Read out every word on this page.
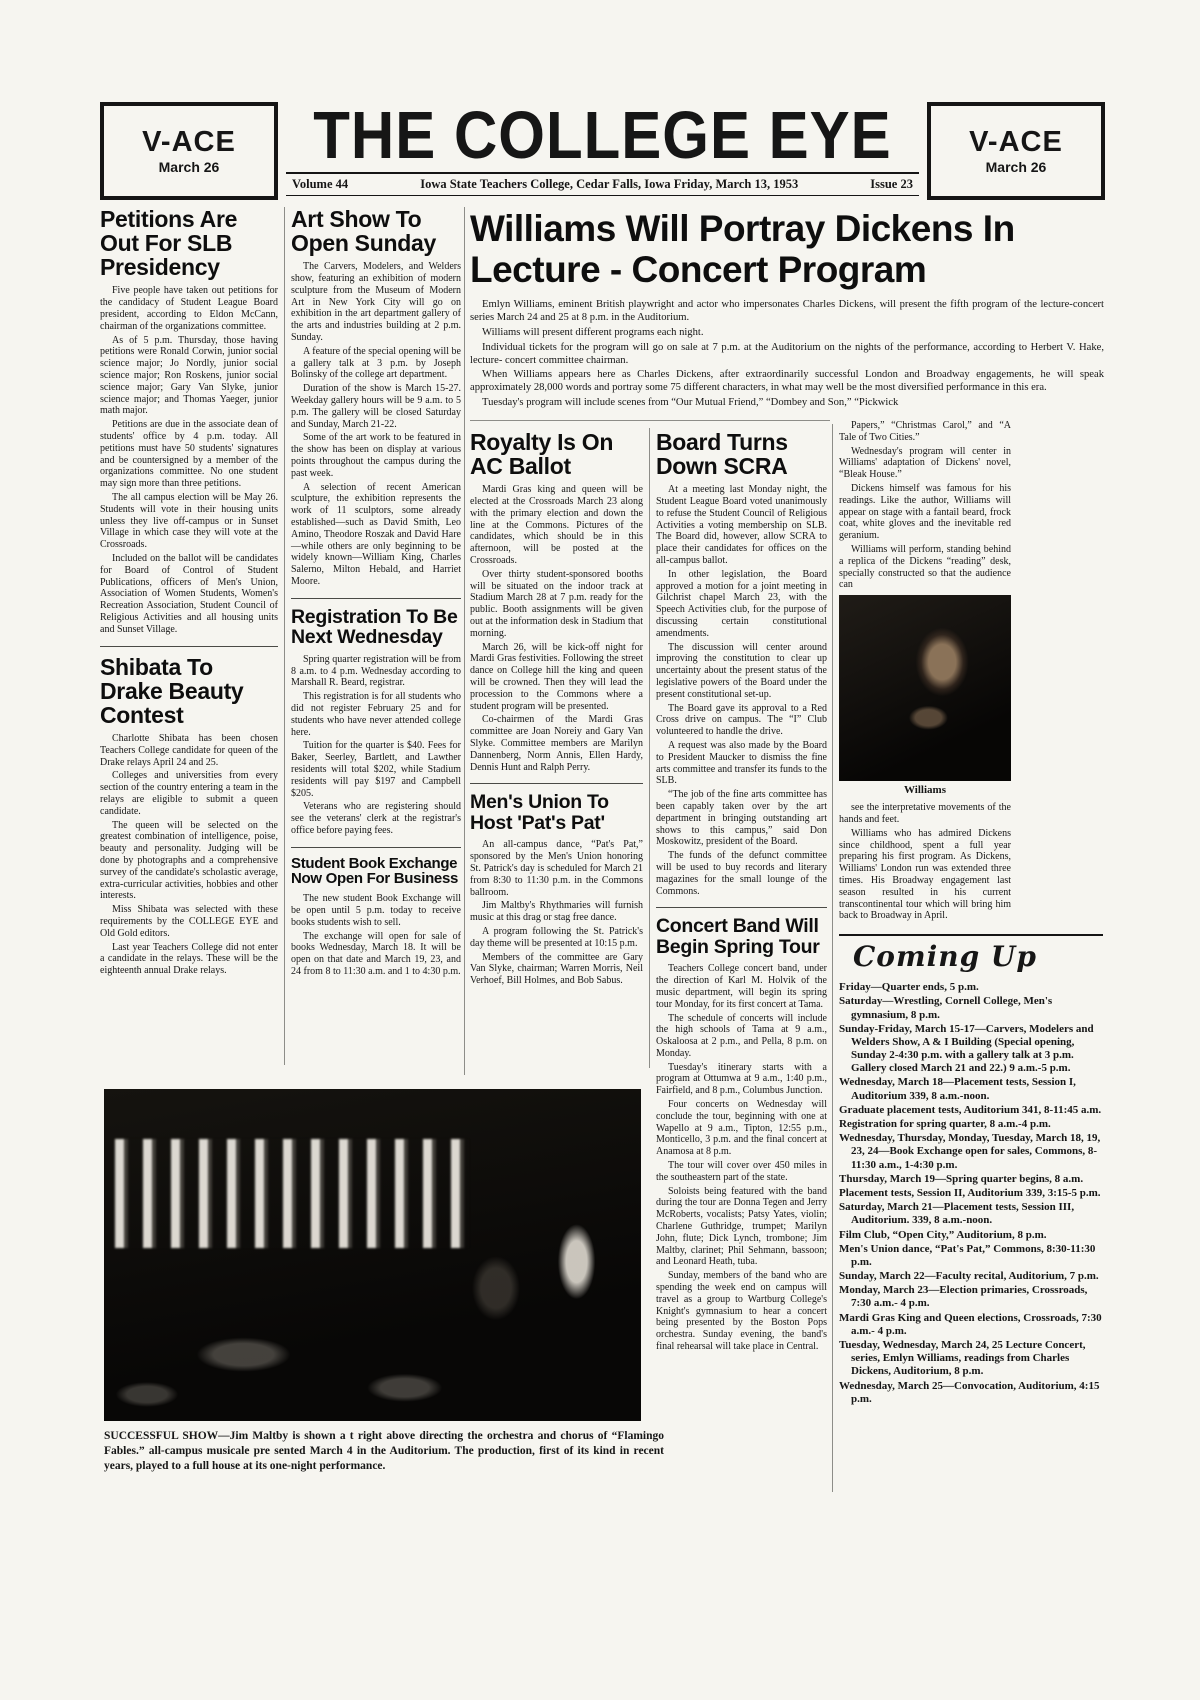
V-ACE
March 26	THE COLLEGE EYE
Volume 44	Iowa State Teachers College, Cedar Falls, Iowa Friday, March 13, 1953	Issue 23
V-ACE
March 26
Petitions Are Out For SLB Presidency

Five people have taken out petitions for the candidacy of Student League Board president, according to Eldon McCann, chairman of the organizations committee.

As of 5 p.m. Thursday, those having petitions were Ronald Corwin, junior social science major; Jo Nordly, junior social science major; Ron Roskens, junior social science major; Gary Van Slyke, junior science major; and Thomas Yaeger, junior math major.

Petitions are due in the associate dean of students' office by 4 p.m. today. All petitions must have 50 students' signatures and be countersigned by a member of the organizations committee. No one student may sign more than three petitions.

The all campus election will be May 26. Students will vote in their housing units unless they live off-campus or in Sunset Village in which case they will vote at the Crossroads.

Included on the ballot will be candidates for Board of Control of Student Publications, officers of Men's Union, Association of Women Students, Women's Recreation Association, Student Council of Religious Activities and all housing units and Sunset Village.

Shibata To Drake Beauty Contest

Charlotte Shibata has been chosen Teachers College candidate for queen of the Drake relays April 24 and 25.

Colleges and universities from every section of the country entering a team in the relays are eligible to submit a queen candidate.

The queen will be selected on the greatest combination of intelligence, poise, beauty and personality. Judging will be done by photographs and a comprehensive survey of the candidate's scholastic average, extra-curricular activities, hobbies and other interests.

Miss Shibata was selected with these requirements by the COLLEGE EYE and Old Gold editors.

Last year Teachers College did not enter a candidate in the relays. These will be the eighteenth annual Drake relays.

Art Show To Open Sunday

The Carvers, Modelers, and Welders show, featuring an exhibition of modern sculpture from the Museum of Modern Art in New York City will go on exhibition in the art department gallery of the arts and industries building at 2 p.m. Sunday.

A feature of the special opening will be a gallery talk at 3 p.m. by Joseph Bolinsky of the college art department.

Duration of the show is March 15-27. Weekday gallery hours will be 9 a.m. to 5 p.m. The gallery will be closed Saturday and Sunday, March 21-22.

Some of the art work to be featured in the show has been on display at various points throughout the campus during the past week.

A selection of recent American sculpture, the exhibition represents the work of 11 sculptors, some already established—such as David Smith, Leo Amino, Theodore Roszak and David Hare—while others are only beginning to be widely known—William King, Charles Salerno, Milton Hebald, and Harriet Moore.

Registration To Be Next Wednesday

Spring quarter registration will be from 8 a.m. to 4 p.m. Wednesday according to Marshall R. Beard, registrar.

This registration is for all students who did not register February 25 and for students who have never attended college here.

Tuition for the quarter is $40. Fees for Baker, Seerley, Bartlett, and Lawther residents will total $202, while Stadium residents will pay $197 and Campbell $205.

Veterans who are registering should see the veterans' clerk at the registrar's office before paying fees.

Student Book Exchange Now Open For Business

The new student Book Exchange will be open until 5 p.m. today to receive books students wish to sell.

The exchange will open for sale of books Wednesday, March 18. It will be open on that date and March 19, 23, and 24 from 8 to 11:30 a.m. and 1 to 4:30 p.m.

Williams Will Portray Dickens In Lecture - Concert Program

Emlyn Williams, eminent British playwright and actor who impersonates Charles Dickens, will present the fifth program of the lecture-concert series March 24 and 25 at 8 p.m. in the Auditorium.

Williams will present different programs each night.

Individual tickets for the program will go on sale at 7 p.m. at the Auditorium on the nights of the performance, according to Herbert V. Hake, lecture- concert committee chairman.

When Williams appears here as Charles Dickens, after extraordinarily successful London and Broadway engagements, he will speak approximately 28,000 words and portray some 75 different characters, in what may well be the most diversified performance in this era.

Tuesday's program will include scenes from “Our Mutual Friend,” “Dombey and Son,” “Pickwick

Royalty Is On AC Ballot

Mardi Gras king and queen will be elected at the Crossroads March 23 along with the primary election and down the line at the Commons. Pictures of the candidates, which should be in this afternoon, will be posted at the Crossroads.

Over thirty student-sponsored booths will be situated on the indoor track at Stadium March 28 at 7 p.m. ready for the public. Booth assignments will be given out at the information desk in Stadium that morning.

March 26, will be kick-off night for Mardi Gras festivities. Following the street dance on College hill the king and queen will be crowned. Then they will lead the procession to the Commons where a student program will be presented.

Co-chairmen of the Mardi Gras committee are Joan Noreiy and Gary Van Slyke. Committee members are Marilyn Dannenberg, Norm Annis, Ellen Hardy, Dennis Hunt and Ralph Perry.

Men's Union To Host 'Pat's Pat'

An all-campus dance, “Pat's Pat,” sponsored by the Men's Union honoring St. Patrick's day is scheduled for March 21 from 8:30 to 11:30 p.m. in the Commons ballroom.

Jim Maltby's Rhythmaries will furnish music at this drag or stag free dance.

A program following the St. Patrick's day theme will be presented at 10:15 p.m.

Members of the committee are Gary Van Slyke, chairman; Warren Morris, Neil Verhoef, Bill Holmes, and Bob Sabus.

Board Turns Down SCRA

At a meeting last Monday night, the Student League Board voted unanimously to refuse the Student Council of Religious Activities a voting membership on SLB. The Board did, however, allow SCRA to place their candidates for offices on the all-campus ballot.

In other legislation, the Board approved a motion for a joint meeting in Gilchrist chapel March 23, with the Speech Activities club, for the purpose of discussing certain constitutional amendments.

The discussion will center around improving the constitution to clear up uncertainty about the present status of the legislative powers of the Board under the present constitutional set-up.

The Board gave its approval to a Red Cross drive on campus. The “I” Club volunteered to handle the drive.

A request was also made by the Board to President Maucker to dismiss the fine arts committee and transfer its funds to the SLB.

“The job of the fine arts committee has been capably taken over by the art department in bringing outstanding art shows to this campus,” said Don Moskowitz, president of the Board.

The funds of the defunct committee will be used to buy records and literary magazines for the small lounge of the Commons.

Concert Band Will Begin Spring Tour

Teachers College concert band, under the direction of Karl M. Holvik of the music department, will begin its spring tour Monday, for its first concert at Tama.

The schedule of concerts will include the high schools of Tama at 9 a.m., Oskaloosa at 2 p.m., and Pella, 8 p.m. on Monday.

Tuesday's itinerary starts with a program at Ottumwa at 9 a.m., 1:40 p.m., Fairfield, and 8 p.m., Columbus Junction.

Four concerts on Wednesday will conclude the tour, beginning with one at Wapello at 9 a.m., Tipton, 12:55 p.m., Monticello, 3 p.m. and the final concert at Anamosa at 8 p.m.

The tour will cover over 450 miles in the southeastern part of the state.

Soloists being featured with the band during the tour are Donna Tegen and Jerry McRoberts, vocalists; Patsy Yates, violin; Charlene Guthridge, trumpet; Marilyn John, flute; Dick Lynch, trombone; Jim Maltby, clarinet; Phil Sehmann, bassoon; and Leonard Heath, tuba.

Sunday, members of the band who are spending the week end on campus will travel as a group to Wartburg College's Knight's gymnasium to hear a concert being presented by the Boston Pops orchestra. Sunday evening, the band's final rehearsal will take place in Central.

Papers,” “Christmas Carol,” and “A Tale of Two Cities.”

Wednesday's program will center in Williams' adaptation of Dickens' novel, “Bleak House.”

Dickens himself was famous for his readings. Like the author, Williams will appear on stage with a fantail beard, frock coat, white gloves and the inevitable red geranium.

Williams will perform, standing behind a replica of the Dickens “reading” desk, specially constructed so that the audience can

Williams

see the interpretative movements of the hands and feet.

Williams who has admired Dickens since childhood, spent a full year preparing his first program. As Dickens, Williams' London run was extended three times. His Broadway engagement last season resulted in his current transcontinental tour which will bring him back to Broadway in April.

Coming Up

Friday—Quarter ends, 5 p.m.

Saturday—Wrestling, Cornell College, Men's gymnasium, 8 p.m.

Sunday-Friday, March 15-17—Carvers, Modelers and Welders Show, A & I Building (Special opening, Sunday 2-4:30 p.m. with a gallery talk at 3 p.m. Gallery closed March 21 and 22.) 9 a.m.-5 p.m.

Wednesday, March 18—Placement tests, Session I, Auditorium 339, 8 a.m.-noon.

Graduate placement tests, Auditorium 341, 8-11:45 a.m.

Registration for spring quarter, 8 a.m.-4 p.m.

Wednesday, Thursday, Monday, Tuesday, March 18, 19, 23, 24—Book Exchange open for sales, Commons, 8-11:30 a.m., 1-4:30 p.m.

Thursday, March 19—Spring quarter begins, 8 a.m.

Placement tests, Session II, Auditorium 339, 3:15-5 p.m.

Saturday, March 21—Placement tests, Session III, Auditorium. 339, 8 a.m.-noon.

Film Club, “Open City,” Auditorium, 8 p.m.

Men's Union dance, “Pat's Pat,” Commons, 8:30-11:30 p.m.

Sunday, March 22—Faculty recital, Auditorium, 7 p.m.

Monday, March 23—Election primaries, Crossroads, 7:30 a.m.- 4 p.m.

Mardi Gras King and Queen elections, Crossroads, 7:30 a.m.- 4 p.m.

Tuesday, Wednesday, March 24, 25 Lecture Concert, series, Emlyn Williams, readings from Charles Dickens, Auditorium, 8 p.m.

Wednesday, March 25—Convocation, Auditorium, 4:15 p.m.

SUCCESSFUL SHOW—Jim Maltby is shown a t right above directing the orchestra and chorus of “Flamingo Fables.” all-campus musicale pre sented March 4 in the Auditorium. The production, first of its kind in recent years, played to a full house at its one-night performance.
